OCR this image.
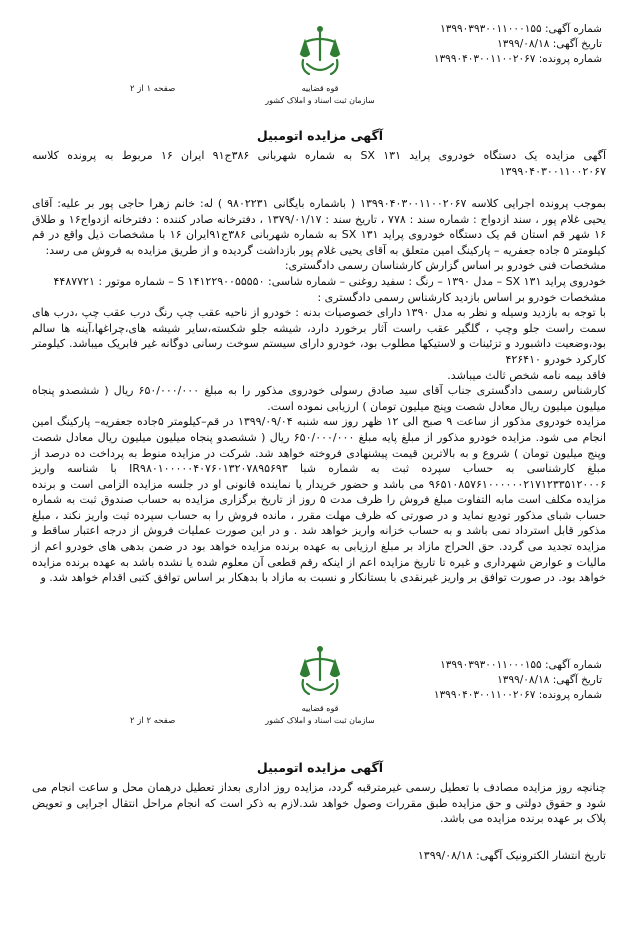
شماره آگهی: ۱۳۹۹۰۳۹۳۰۰۱۱۰۰۰۱۵۵
تاریخ آگهی: ۱۳۹۹/۰۸/۱۸
شماره پرونده: ۱۳۹۹۰۴۰۳۰۰۱۱۰۰۲۰۶۷
قوه قضاییه
سازمان ثبت اسناد و املاک کشور
صفحه ۱ از ۲
آگهی مزایده اتومبیل

آگهی مزایده یک دستگاه خودروی پراید ۱۳۱ SX به شماره شهربانی ۳۸۶ج۹۱ ایران ۱۶ مربوط به پرونده کلاسه ۱۳۹۹۰۴۰۳۰۰۱۱۰۰۲۰۶۷

بموجب پرونده اجرایی کلاسه ۱۳۹۹۰۴۰۳۰۰۱۱۰۰۲۰۶۷ ( باشماره بایگانی ۹۸۰۲۲۳۱ ) له: خانم زهرا حاجی پور بر علیه: آقای یحیی غلام پور ، سند ازدواج : شماره سند : ۷۷۸ ، تاریخ سند : ۱۳۷۹/۰۱/۱۷ ، دفترخانه صادر کننده : دفترخانه ازدواج۱۶ و طلاق ۱۶ شهر قم استان قم یک دستگاه خودروی پراید ۱۳۱ SX به شماره شهربانی ۳۸۶ج۹۱ایران ۱۶ با مشخصات ذیل واقع در قم کیلومتر ۵ جاده جعفریه – پارکینگ امین متعلق به آقای یحیی غلام پور بازداشت گردیده و از طریق مزایده به فروش می رسد:

مشخصات فنی خودرو بر اساس گزارش کارشناسان رسمی دادگستری:

خودروی پراید ۱۳۱ SX – مدل ۱۳۹۰ – رنگ : سفید روغنی – شماره شاسی: S ۱۴۱۲۲۹۰۰۵۵۵۵۰ – شماره موتور : ۴۴۸۷۷۲۱

مشخصات خودرو بر اساس بازدید کارشناس رسمی دادگستری :

با توجه به بازدید وسیله و نظر به مدل ۱۳۹۰ دارای خصوصیات بدنه : خودرو از ناحیه عقب چپ رنگ درب عقب چپ ،درب های سمت راست جلو وچپ ، گلگیر عقب راست آثار برخورد دارد، شیشه جلو شکسته،سایر شیشه های،چراغها،آینه ها سالم بود،وضعیت داشبورد و تزئینات و لاستیکها مطلوب بود، خودرو دارای سیستم سوخت رسانی دوگانه غیر فابریک میباشد. کیلومتر کارکرد خودرو ۴۲۶۴۱۰

فاقد بیمه نامه شخص ثالث میباشد.

کارشناس رسمی دادگستری جناب آقای سید صادق رسولی خودروی مذکور را به مبلغ ۶۵۰/۰۰۰/۰۰۰ ریال ( ششصدو پنجاه میلیون میلیون ریال معادل شصت وپنج میلیون تومان ) ارزیابی نموده است.

مزایده خودروی مذکور از ساعت ۹ صبح الی ۱۲ ظهر روز سه شنبه ۱۳۹۹/۰۹/۰۴ در قم–کیلومتر ۵جاده جعفریه– پارکینگ امین انجام می شود. مزایده خودرو مذکور از مبلغ پایه مبلغ ۶۵۰/۰۰۰/۰۰۰ ریال ( ششصدو پنجاه میلیون میلیون ریال معادل شصت وپنج میلیون تومان ) شروع و به بالاترین قیمت پیشنهادی فروخته خواهد شد. شرکت در مزایده منوط به پرداخت ده درصد از مبلغ کارشناسی به حساب سپرده ثبت به شماره شبا IR۹۸۰۱۰۰۰۰۰۴۰۷۶۰۱۳۲۰۷۸۹۵۶۹۳ با شناسه واریز ۹۶۵۱۰۸۵۷۶۱۰۰۰۰۰۰۲۱۷۱۲۳۳۵۱۲۰۰۰۶ می باشد و حضور خریدار یا نماینده قانونی او در جلسه مزایده الزامی است و برنده مزایده مکلف است مابه التفاوت مبلغ فروش را ظرف مدت ۵ روز از تاریخ برگزاری مزایده به حساب صندوق ثبت به شماره حساب شبای مذکور تودیع نماید و در صورتی که ظرف مهلت مقرر ، مانده فروش را به حساب سپرده ثبت واریز نکند ، مبلغ مذکور قابل استرداد نمی باشد و به حساب خزانه واریز خواهد شد . و در این صورت عملیات فروش از درجه اعتبار ساقط و مزایده تجدید می گردد. حق الحراج مازاد بر مبلغ ارزیابی به عهده برنده مزایده خواهد بود در ضمن بدهی های خودرو اعم از مالیات و عوارض شهرداری و غیره تا تاریخ مزایده اعم از اینکه رقم قطعی آن معلوم شده یا نشده باشد به عهده برنده مزایده خواهد بود. در صورت توافق بر واریز غیرنقدی با بستانکار و نسبت به مازاد با بدهکار بر اساس توافق کتبی اقدام خواهد شد. و

شماره آگهی: ۱۳۹۹۰۳۹۳۰۰۱۱۰۰۰۱۵۵
تاریخ آگهی: ۱۳۹۹/۰۸/۱۸
شماره پرونده: ۱۳۹۹۰۴۰۳۰۰۱۱۰۰۲۰۶۷
قوه قضاییه
سازمان ثبت اسناد و املاک کشور
صفحه ۲ از ۲
آگهی مزایده اتومبیل

چنانچه روز مزایده مصادف با تعطیل رسمی غیرمترقبه گردد، مزایده روز اداری بعداز تعطیل درهمان محل و ساعت انجام می شود و حقوق دولتی و حق مزایده طبق مقررات وصول خواهد شد.لازم به ذکر است که انجام مراحل انتقال اجرایی و تعویض پلاک بر عهده برنده مزایده می باشد.

تاریخ انتشار الکترونیک آگهی: ۱۳۹۹/۰۸/۱۸
